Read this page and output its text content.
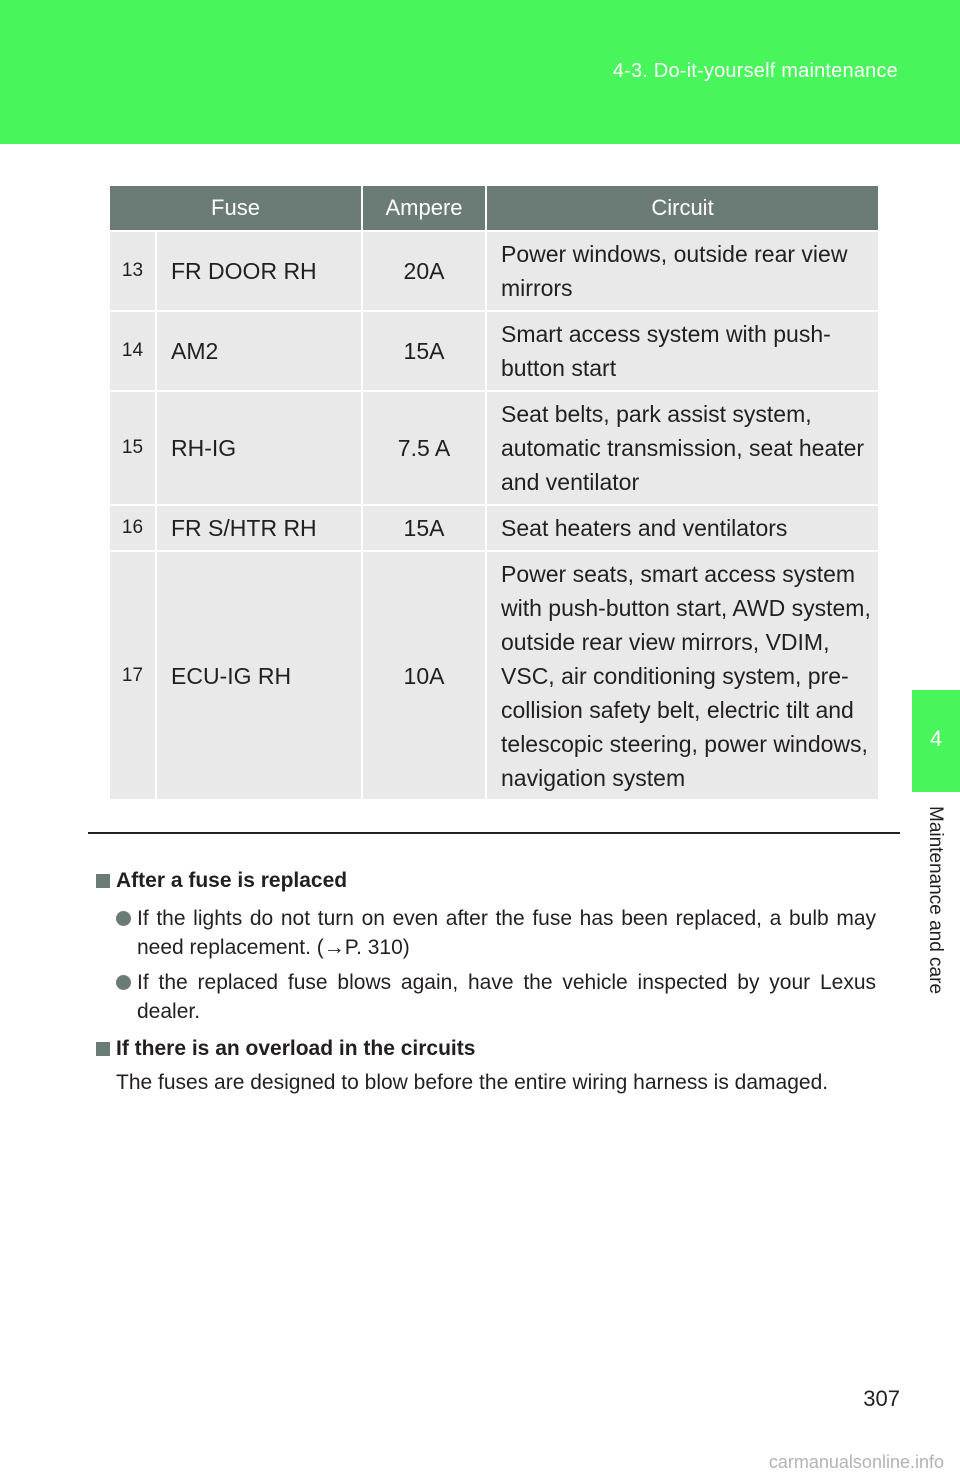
4-3. Do-it-yourself maintenance
4
Maintenance and care
Fuse		Ampere	Circuit
13	FR DOOR RH	20A	Power windows, outside rear view mirrors
14	AM2	15A	Smart access system with push-button start
15	RH-IG	7.5 A	Seat belts, park assist system, automatic transmission, seat heater and ventilator
16	FR S/HTR RH	15A	Seat heaters and ventilators
17	ECU-IG RH	10A	Power seats, smart access system with push-button start, AWD system, outside rear view mirrors, VDIM, VSC, air conditioning system, pre-collision safety belt, electric tilt and telescopic steering, power windows, navigation system
After a fuse is replaced
If the lights do not turn on even after the fuse has been replaced, a bulb may need replacement. (→P. 310)
If the replaced fuse blows again, have the vehicle inspected by your Lexus dealer.
If there is an overload in the circuits
The fuses are designed to blow before the entire wiring harness is damaged.
307
carmanualsonline.info
